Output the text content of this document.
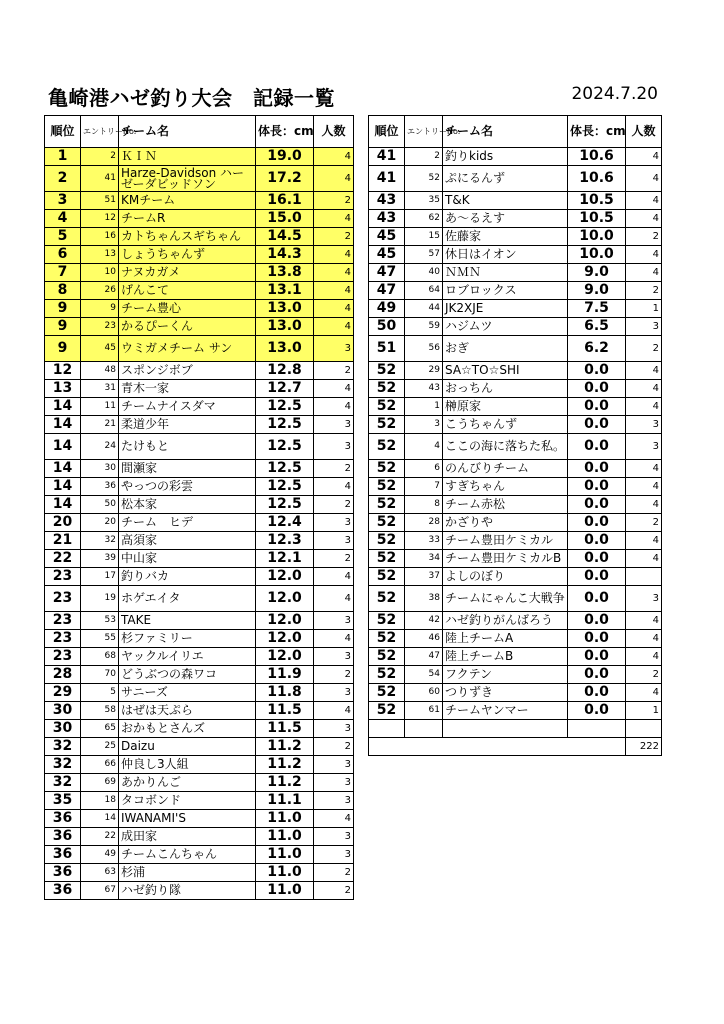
亀崎港ハゼ釣り大会　記録一覧	2024.7.20
順位	エントリーNo.	チーム名	体長：cm	人数
1	2	ＫＩＮ	19.0	4
2	41	Harze-Davidson ハーゼーダビッドソン	17.2	4
3	51	KMチーム	16.1	2
4	12	チームR	15.0	4
5	16	カトちゃんスギちゃん	14.5	2
6	13	しょうちゃんず	14.3	4
7	10	ナヌカガメ	13.8	4
8	26	げんこて	13.1	4
9	9	チーム豊心	13.0	4
9	23	かるぴーくん	13.0	4
9	45	ウミガメチーム サン	13.0	3
12	48	スポンジボブ	12.8	2
13	31	青木一家	12.7	4
14	11	チームナイスダマ	12.5	4
14	21	柔道少年	12.5	3
14	24	たけもと	12.5	3
14	30	間瀬家	12.5	2
14	36	やっつの彩雲	12.5	4
14	50	松本家	12.5	2
20	20	チーム　ヒデ	12.4	3
21	32	高須家	12.3	3
22	39	中山家	12.1	2
23	17	釣りバカ	12.0	4
23	19	ホゲエイタ	12.0	4
23	53	TAKE	12.0	3
23	55	杉ファミリー	12.0	4
23	68	ヤックルイリエ	12.0	3
28	70	どうぶつの森ワコ	11.9	2
29	5	サニーズ	11.8	3
30	58	はぜは天ぷら	11.5	4
30	65	おかもとさんズ	11.5	3
32	25	Daizu	11.2	2
32	66	仲良し3人組	11.2	3
32	69	あかりんご	11.2	3
35	18	タコボンド	11.1	3
36	14	IWANAMI'S	11.0	4
36	22	成田家	11.0	3
36	49	チームこんちゃん	11.0	3
36	63	杉浦	11.0	2
36	67	ハゼ釣り隊	11.0	2
順位	エントリーNo.	チーム名	体長：cm	人数
41	2	釣りkids	10.6	4
41	52	ぷにるんず	10.6	4
43	35	T&K	10.5	4
43	62	あ～るえす	10.5	4
45	15	佐藤家	10.0	2
45	57	休日はイオン	10.0	4
47	40	ＮＭＮ	9.0	4
47	64	ロブロックス	9.0	2
49	44	JK2XJE	7.5	1
50	59	ハジムツ	6.5	3
51	56	おぎ	6.2	2
52	29	SA☆TO☆SHI	0.0	4
52	43	おっちん	0.0	4
52	1	榊原家	0.0	4
52	3	こうちゃんず	0.0	3
52	4	ここの海に落ちた私。	0.0	3
52	6	のんびりチーム	0.0	4
52	7	すぎちゃん	0.0	4
52	8	チーム赤松	0.0	4
52	28	かざりや	0.0	2
52	33	チーム豊田ケミカル	0.0	4
52	34	チーム豊田ケミカルB	0.0	4
52	37	よしのぼり	0.0	
52	38	チームにゃんこ大戦争	0.0	3
52	42	ハゼ釣りがんばろう	0.0	4
52	46	陸上チームA	0.0	4
52	47	陸上チームB	0.0	4
52	54	フクテン	0.0	2
52	60	つりずき	0.0	4
52	61	チームヤンマー	0.0	1

				222
